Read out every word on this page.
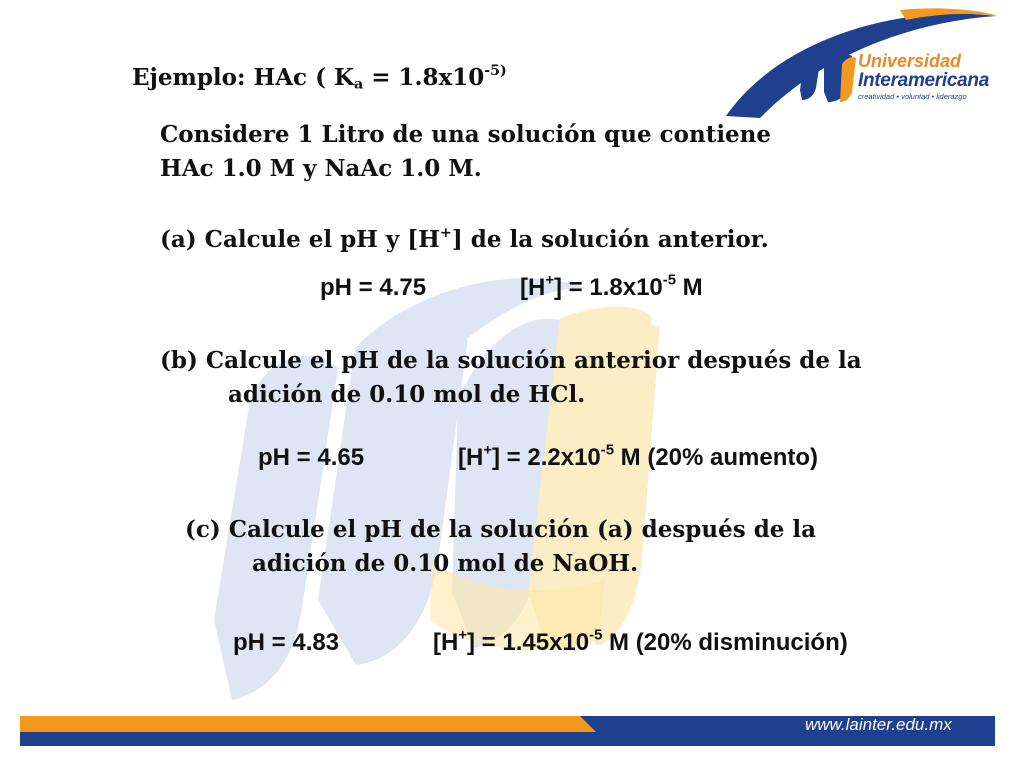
Universidad
Interamericana
creatividad • voluntad • liderazgo
Ejemplo: HAc ( $K_a = 1.8x10^{-5)}$
Considere 1 Litro de una solución que contiene
HAc 1.0 M y NaAc 1.0 M.
(a) Calcule el pH y [H+] de la solución anterior.
pH = 4.75	$[H^+] = 1.8x10^{-5}$ M
(b) Calcule el pH de la solución anterior después de la
adición de 0.10 mol de HCl.
pH = 4.65	$[H^+] = 2.2x10^{-5}$ M (20% aumento)
(c) Calcule el pH de la solución (a) después de la
adición de 0.10 mol de NaOH.
pH = 4.83	$[H^+] = 1.45x10^{-5}$ M (20% disminución)
www.lainter.edu.mx
